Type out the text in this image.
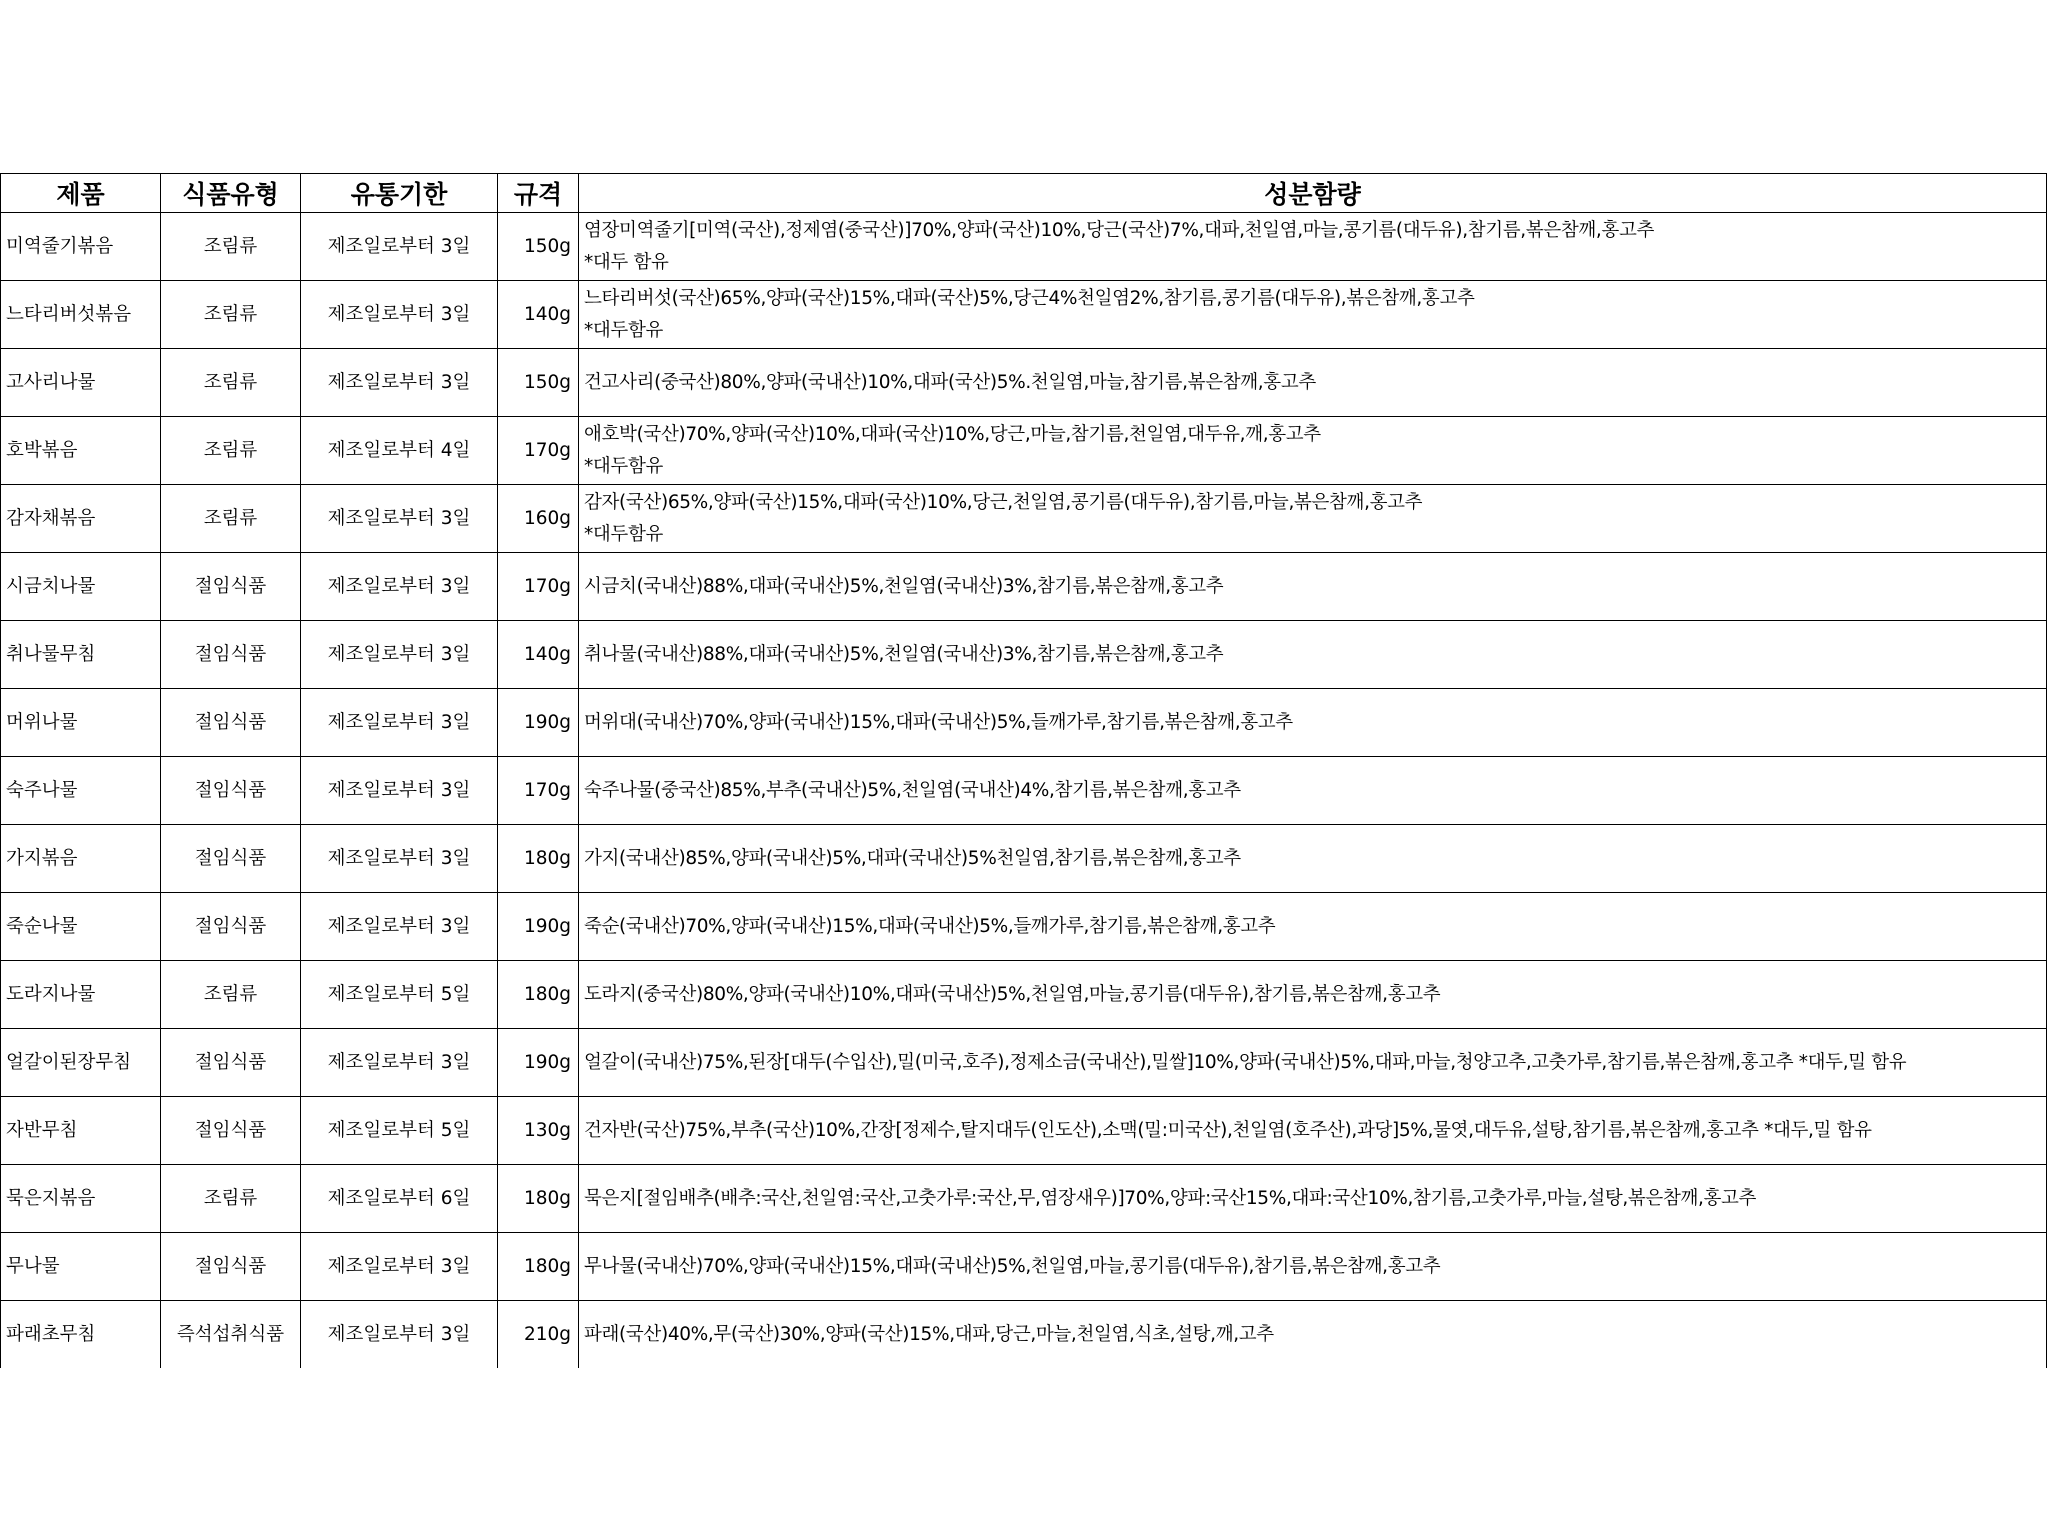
제품	식품유형	유통기한	규격	성분함량
미역줄기볶음	조림류	제조일로부터 3일	150g	염장미역줄기[미역(국산),정제염(중국산)]70%,양파(국산)10%,당근(국산)7%,대파,천일염,마늘,콩기름(대두유),참기름,볶은참깨,홍고추
*대두 함유

느타리버섯볶음	조림류	제조일로부터 3일	140g	느타리버섯(국산)65%,양파(국산)15%,대파(국산)5%,당근4%천일염2%,참기름,콩기름(대두유),볶은참깨,홍고추
*대두함유

고사리나물	조림류	제조일로부터 3일	150g	건고사리(중국산)80%,양파(국내산)10%,대파(국산)5%.천일염,마늘,참기름,볶은참깨,홍고추

호박볶음	조림류	제조일로부터 4일	170g	애호박(국산)70%,양파(국산)10%,대파(국산)10%,당근,마늘,참기름,천일염,대두유,깨,홍고추
*대두함유

감자채볶음	조림류	제조일로부터 3일	160g	감자(국산)65%,양파(국산)15%,대파(국산)10%,당근,천일염,콩기름(대두유),참기름,마늘,볶은참깨,홍고추
*대두함유

시금치나물	절임식품	제조일로부터 3일	170g	시금치(국내산)88%,대파(국내산)5%,천일염(국내산)3%,참기름,볶은참깨,홍고추

취나물무침	절임식품	제조일로부터 3일	140g	취나물(국내산)88%,대파(국내산)5%,천일염(국내산)3%,참기름,볶은참깨,홍고추

머위나물	절임식품	제조일로부터 3일	190g	머위대(국내산)70%,양파(국내산)15%,대파(국내산)5%,들깨가루,참기름,볶은참깨,홍고추

숙주나물	절임식품	제조일로부터 3일	170g	숙주나물(중국산)85%,부추(국내산)5%,천일염(국내산)4%,참기름,볶은참깨,홍고추

가지볶음	절임식품	제조일로부터 3일	180g	가지(국내산)85%,양파(국내산)5%,대파(국내산)5%천일염,참기름,볶은참깨,홍고추

죽순나물	절임식품	제조일로부터 3일	190g	죽순(국내산)70%,양파(국내산)15%,대파(국내산)5%,들깨가루,참기름,볶은참깨,홍고추

도라지나물	조림류	제조일로부터 5일	180g	도라지(중국산)80%,양파(국내산)10%,대파(국내산)5%,천일염,마늘,콩기름(대두유),참기름,볶은참깨,홍고추

얼갈이된장무침	절임식품	제조일로부터 3일	190g	얼갈이(국내산)75%,된장[대두(수입산),밀(미국,호주),정제소금(국내산),밀쌀]10%,양파(국내산)5%,대파,마늘,청양고추,고춧가루,참기름,볶은참깨,홍고추 *대두,밀 함유

자반무침	절임식품	제조일로부터 5일	130g	건자반(국산)75%,부추(국산)10%,간장[정제수,탈지대두(인도산),소맥(밀:미국산),천일염(호주산),과당]5%,물엿,대두유,설탕,참기름,볶은참깨,홍고추 *대두,밀 함유

묵은지볶음	조림류	제조일로부터 6일	180g	묵은지[절임배추(배추:국산,천일염:국산,고춧가루:국산,무,염장새우)]70%,양파:국산15%,대파:국산10%,참기름,고춧가루,마늘,설탕,볶은참깨,홍고추

무나물	절임식품	제조일로부터 3일	180g	무나물(국내산)70%,양파(국내산)15%,대파(국내산)5%,천일염,마늘,콩기름(대두유),참기름,볶은참깨,홍고추

파래초무침	즉석섭취식품	제조일로부터 3일	210g	파래(국산)40%,무(국산)30%,양파(국산)15%,대파,당근,마늘,천일염,식초,설탕,깨,고추
